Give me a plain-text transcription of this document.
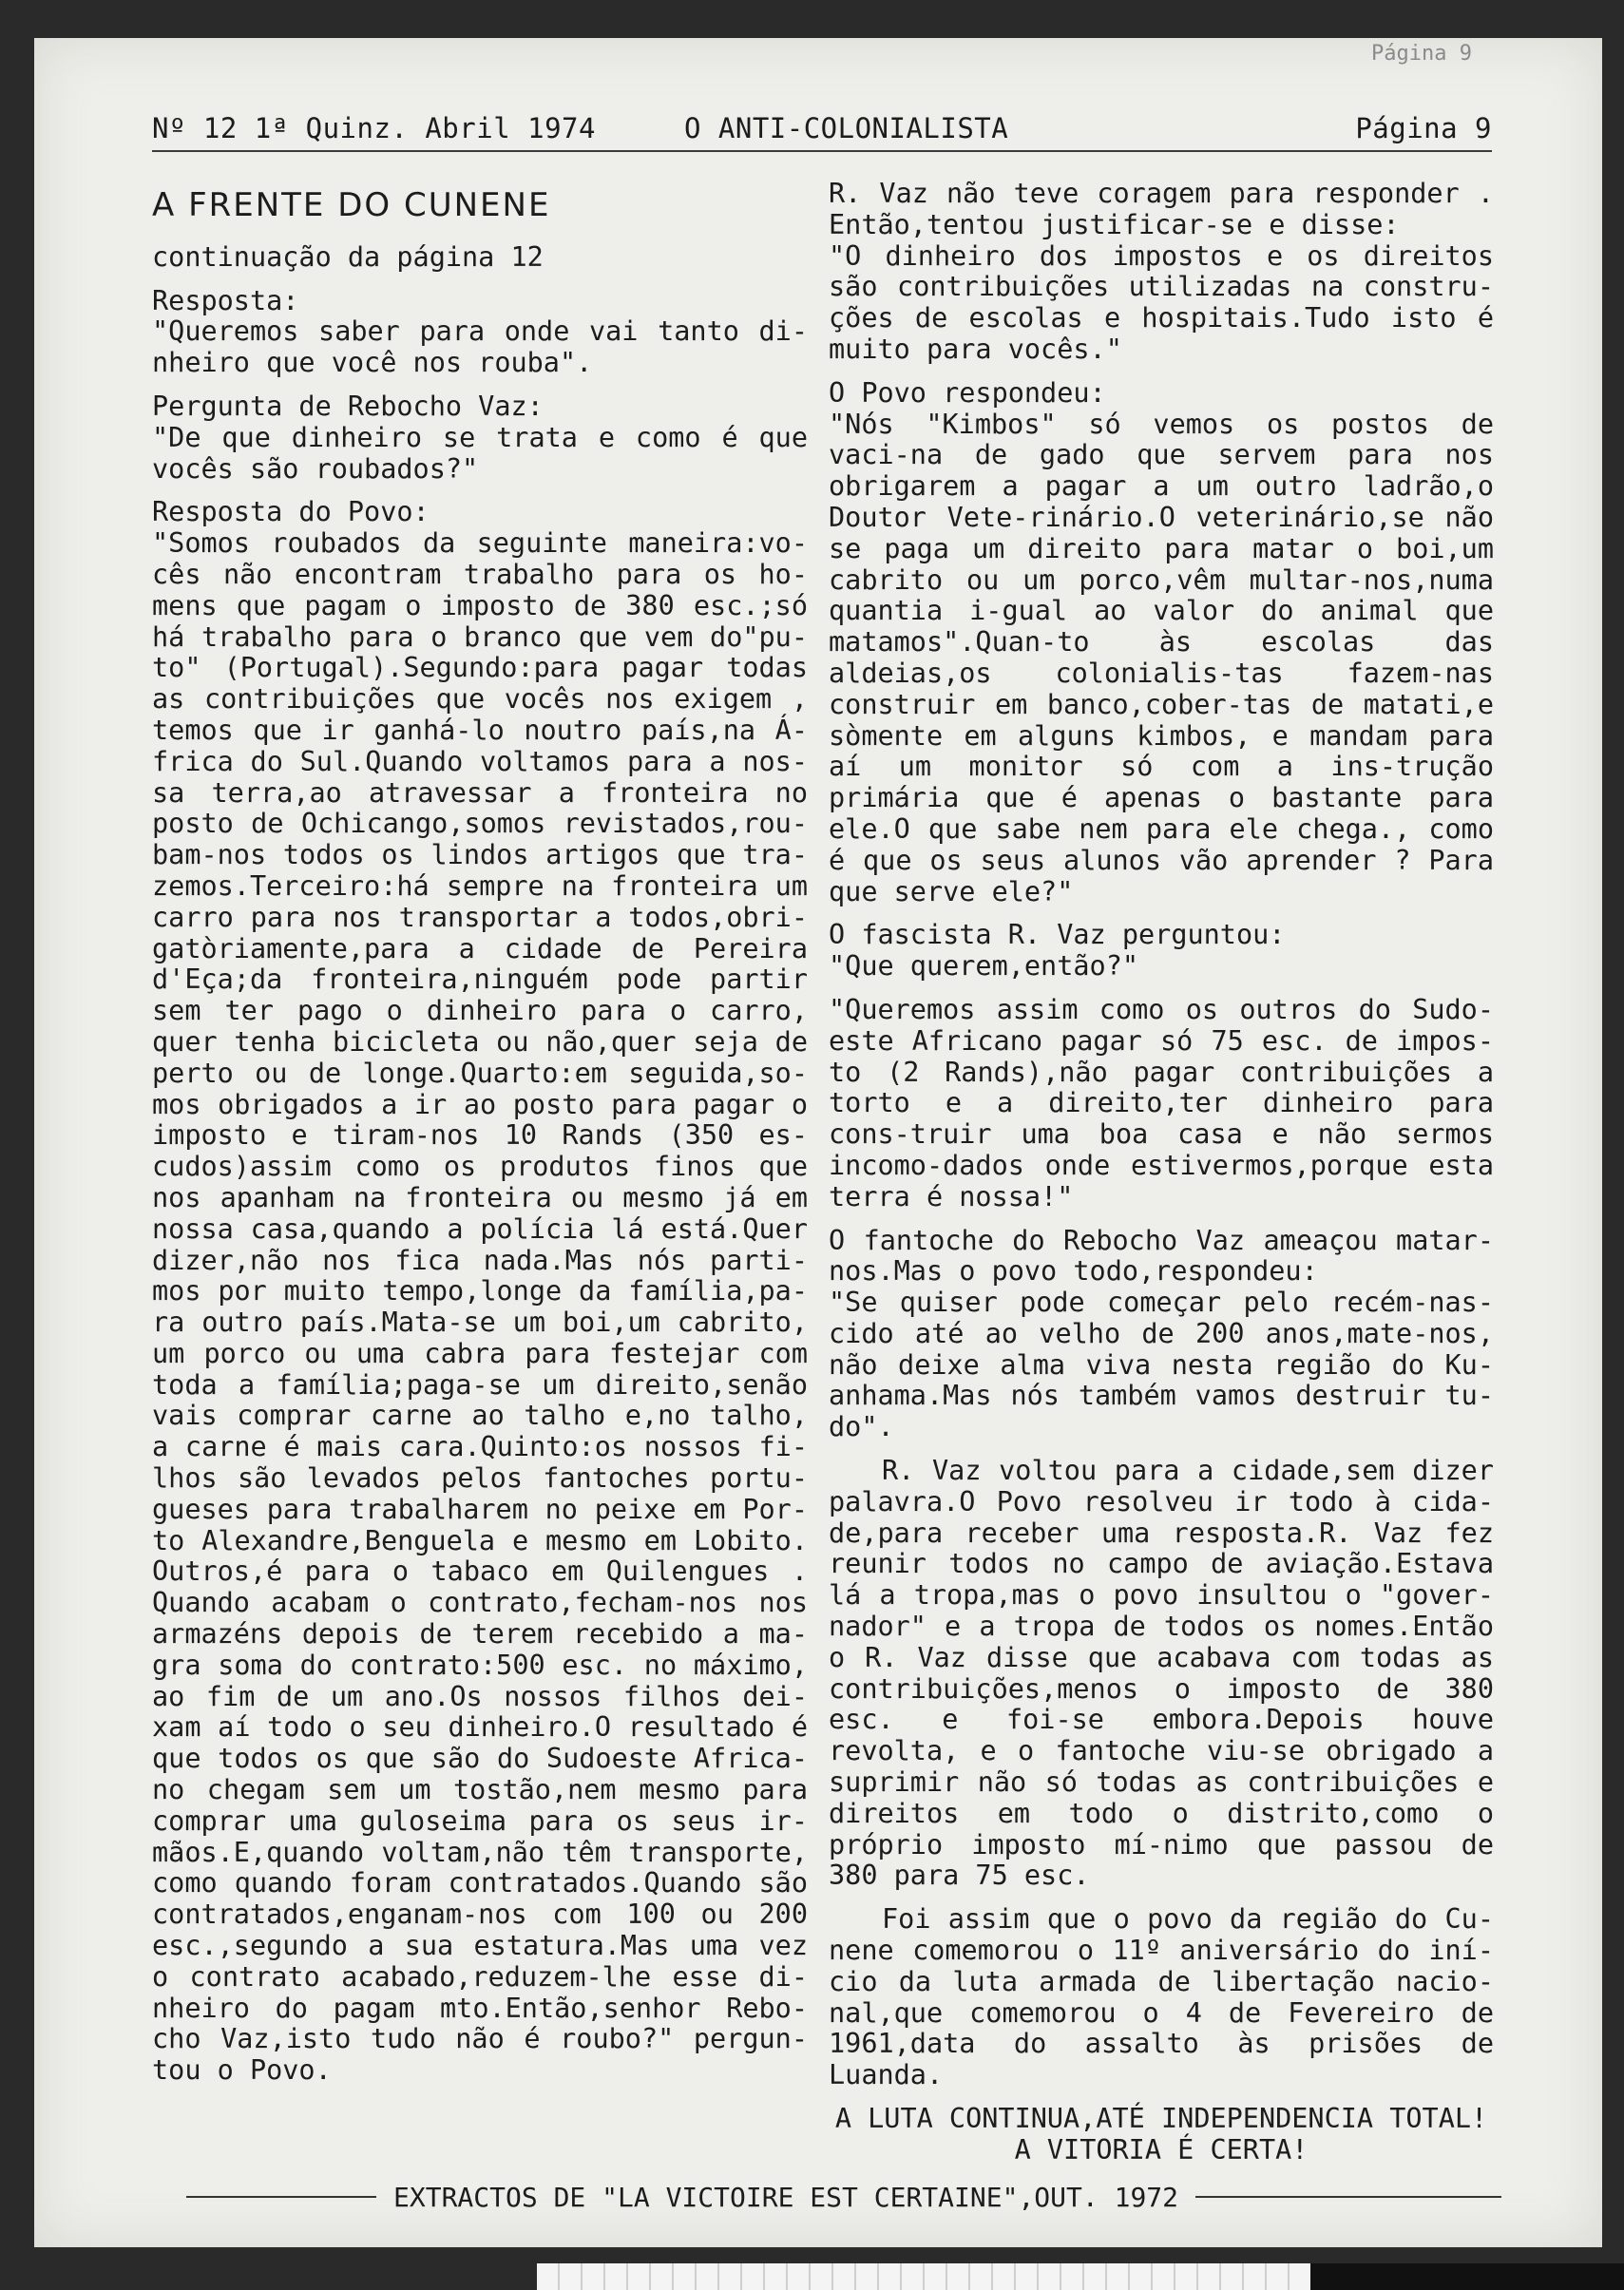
Página 9
Nº 12 1ª Quinz. Abril 1974	O ANTI-COLONIALISTA	Página 9
A FRENTE DO CUNENE

continuação da página 12

Resposta:
"Queremos saber para onde vai tanto di-nheiro que você nos rouba".

Pergunta de Rebocho Vaz:
"De que dinheiro se trata e como é que vocês são roubados?"

Resposta do Povo:
"Somos roubados da seguinte maneira:vo-cês não encontram trabalho para os ho-mens que pagam o imposto de 380 esc.;só há trabalho para o branco que vem do"pu-to" (Portugal).Segundo:para pagar todas as contribuições que vocês nos exigem , temos que ir ganhá-lo noutro país,na Á-frica do Sul.Quando voltamos para a nos-sa terra,ao atravessar a fronteira no posto de Ochicango,somos revistados,rou-bam-nos todos os lindos artigos que tra-zemos.Terceiro:há sempre na fronteira um carro para nos transportar a todos,obri-gatòriamente,para a cidade de Pereira d'Eça;da fronteira,ninguém pode partir sem ter pago o dinheiro para o carro, quer tenha bicicleta ou não,quer seja de perto ou de longe.Quarto:em seguida,so-mos obrigados a ir ao posto para pagar o imposto e tiram-nos 10 Rands (350 es-cudos)assim como os produtos finos que nos apanham na fronteira ou mesmo já em nossa casa,quando a polícia lá está.Quer dizer,não nos fica nada.Mas nós parti-mos por muito tempo,longe da família,pa-ra outro país.Mata-se um boi,um cabrito, um porco ou uma cabra para festejar com toda a família;paga-se um direito,senão vais comprar carne ao talho e,no talho, a carne é mais cara.Quinto:os nossos fi-lhos são levados pelos fantoches portu-gueses para trabalharem no peixe em Por-to Alexandre,Benguela e mesmo em Lobito. Outros,é para o tabaco em Quilengues . Quando acabam o contrato,fecham-nos nos armazéns depois de terem recebido a ma-gra soma do contrato:500 esc. no máximo, ao fim de um ano.Os nossos filhos dei-xam aí todo o seu dinheiro.O resultado é que todos os que são do Sudoeste Africa-no chegam sem um tostão,nem mesmo para comprar uma guloseima para os seus ir-mãos.E,quando voltam,não têm transporte, como quando foram contratados.Quando são contratados,enganam-nos com 100 ou 200 esc.,segundo a sua estatura.Mas uma vez o contrato acabado,reduzem-lhe esse di-nheiro do pagam mto.Então,senhor Rebo-cho Vaz,isto tudo não é roubo?" pergun-tou o Povo.

R. Vaz não teve coragem para responder . Então,tentou justificar-se e disse:
"O dinheiro dos impostos e os direitos são contribuições utilizadas na constru-ções de escolas e hospitais.Tudo isto é muito para vocês."

O Povo respondeu:
"Nós "Kimbos" só vemos os postos de vaci-na de gado que servem para nos obrigarem a pagar a um outro ladrão,o Doutor Vete-rinário.O veterinário,se não se paga um direito para matar o boi,um cabrito ou um porco,vêm multar-nos,numa quantia i-gual ao valor do animal que matamos".Quan-to às escolas das aldeias,os colonialis-tas fazem-nas construir em banco,cober-tas de matati,e sòmente em alguns kimbos, e mandam para aí um monitor só com a ins-trução primária que é apenas o bastante para ele.O que sabe nem para ele chega., como é que os seus alunos vão aprender ? Para que serve ele?"

O fascista R. Vaz perguntou:
"Que querem,então?"

"Queremos assim como os outros do Sudo-este Africano pagar só 75 esc. de impos-to (2 Rands),não pagar contribuições a torto e a direito,ter dinheiro para cons-truir uma boa casa e não sermos incomo-dados onde estivermos,porque esta terra é nossa!"

O fantoche do Rebocho Vaz ameaçou matar-nos.Mas o povo todo,respondeu:
"Se quiser pode começar pelo recém-nas-cido até ao velho de 200 anos,mate-nos, não deixe alma viva nesta região do Ku-anhama.Mas nós também vamos destruir tu-do".

R. Vaz voltou para a cidade,sem dizer palavra.O Povo resolveu ir todo à cida-de,para receber uma resposta.R. Vaz fez reunir todos no campo de aviação.Estava lá a tropa,mas o povo insultou o "gover-nador" e a tropa de todos os nomes.Então o R. Vaz disse que acabava com todas as contribuições,menos o imposto de 380 esc. e foi-se embora.Depois houve revolta, e o fantoche viu-se obrigado a suprimir não só todas as contribuições e direitos em todo o distrito,como o próprio imposto mí-nimo que passou de 380 para 75 esc.

Foi assim que o povo da região do Cu-nene comemorou o 11º aniversário do iní-cio da luta armada de libertação nacio-nal,que comemorou o 4 de Fevereiro de 1961,data do assalto às prisões de Luanda.

A LUTA CONTINUA,ATÉ INDEPENDENCIA TOTAL!
A VITORIA É CERTA!

EXTRACTOS DE "LA VICTOIRE EST CERTAINE",OUT. 1972
